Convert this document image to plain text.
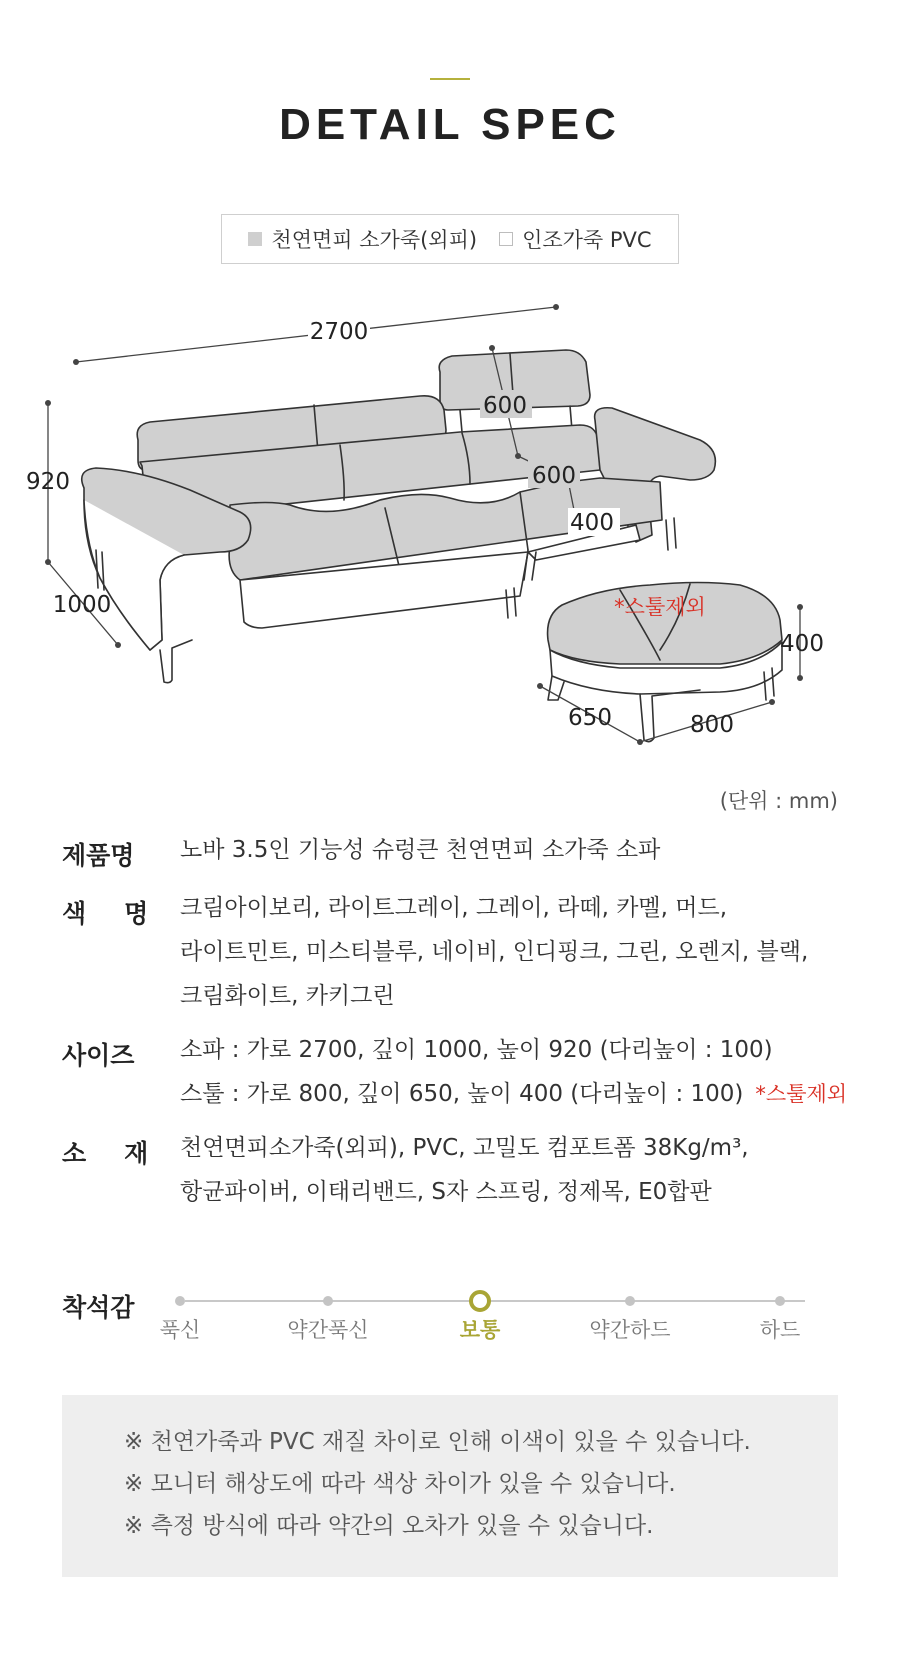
DETAIL SPEC
천연면피 소가죽(외피) 인조가죽 PVC
2700
920
1000
600
600
400
*스툴제외
400
650	800
(단위 : mm)
제품명	노바 3.5인 기능성 슈렁큰 천연면피 소가죽 소파
색 명	크림아이보리, 라이트그레이, 그레이, 라떼, 카멜, 머드,
라이트민트, 미스티블루, 네이비, 인디핑크, 그린, 오렌지, 블랙,
크림화이트, 카키그린
사이즈	소파 : 가로 2700, 깊이 1000, 높이 920 (다리높이 : 100)
스툴 : 가로 800, 깊이 650, 높이 400 (다리높이 : 100) *스툴제외
소 재	천연면피소가죽(외피), PVC, 고밀도 컴포트폼 38Kg/m³,
항균파이버, 이태리밴드, S자 스프링, 정제목, E0합판
착석감
푹신	약간푹신	보통	약간하드	하드
※ 천연가죽과 PVC 재질 차이로 인해 이색이 있을 수 있습니다.
※ 모니터 해상도에 따라 색상 차이가 있을 수 있습니다.
※ 측정 방식에 따라 약간의 오차가 있을 수 있습니다.
